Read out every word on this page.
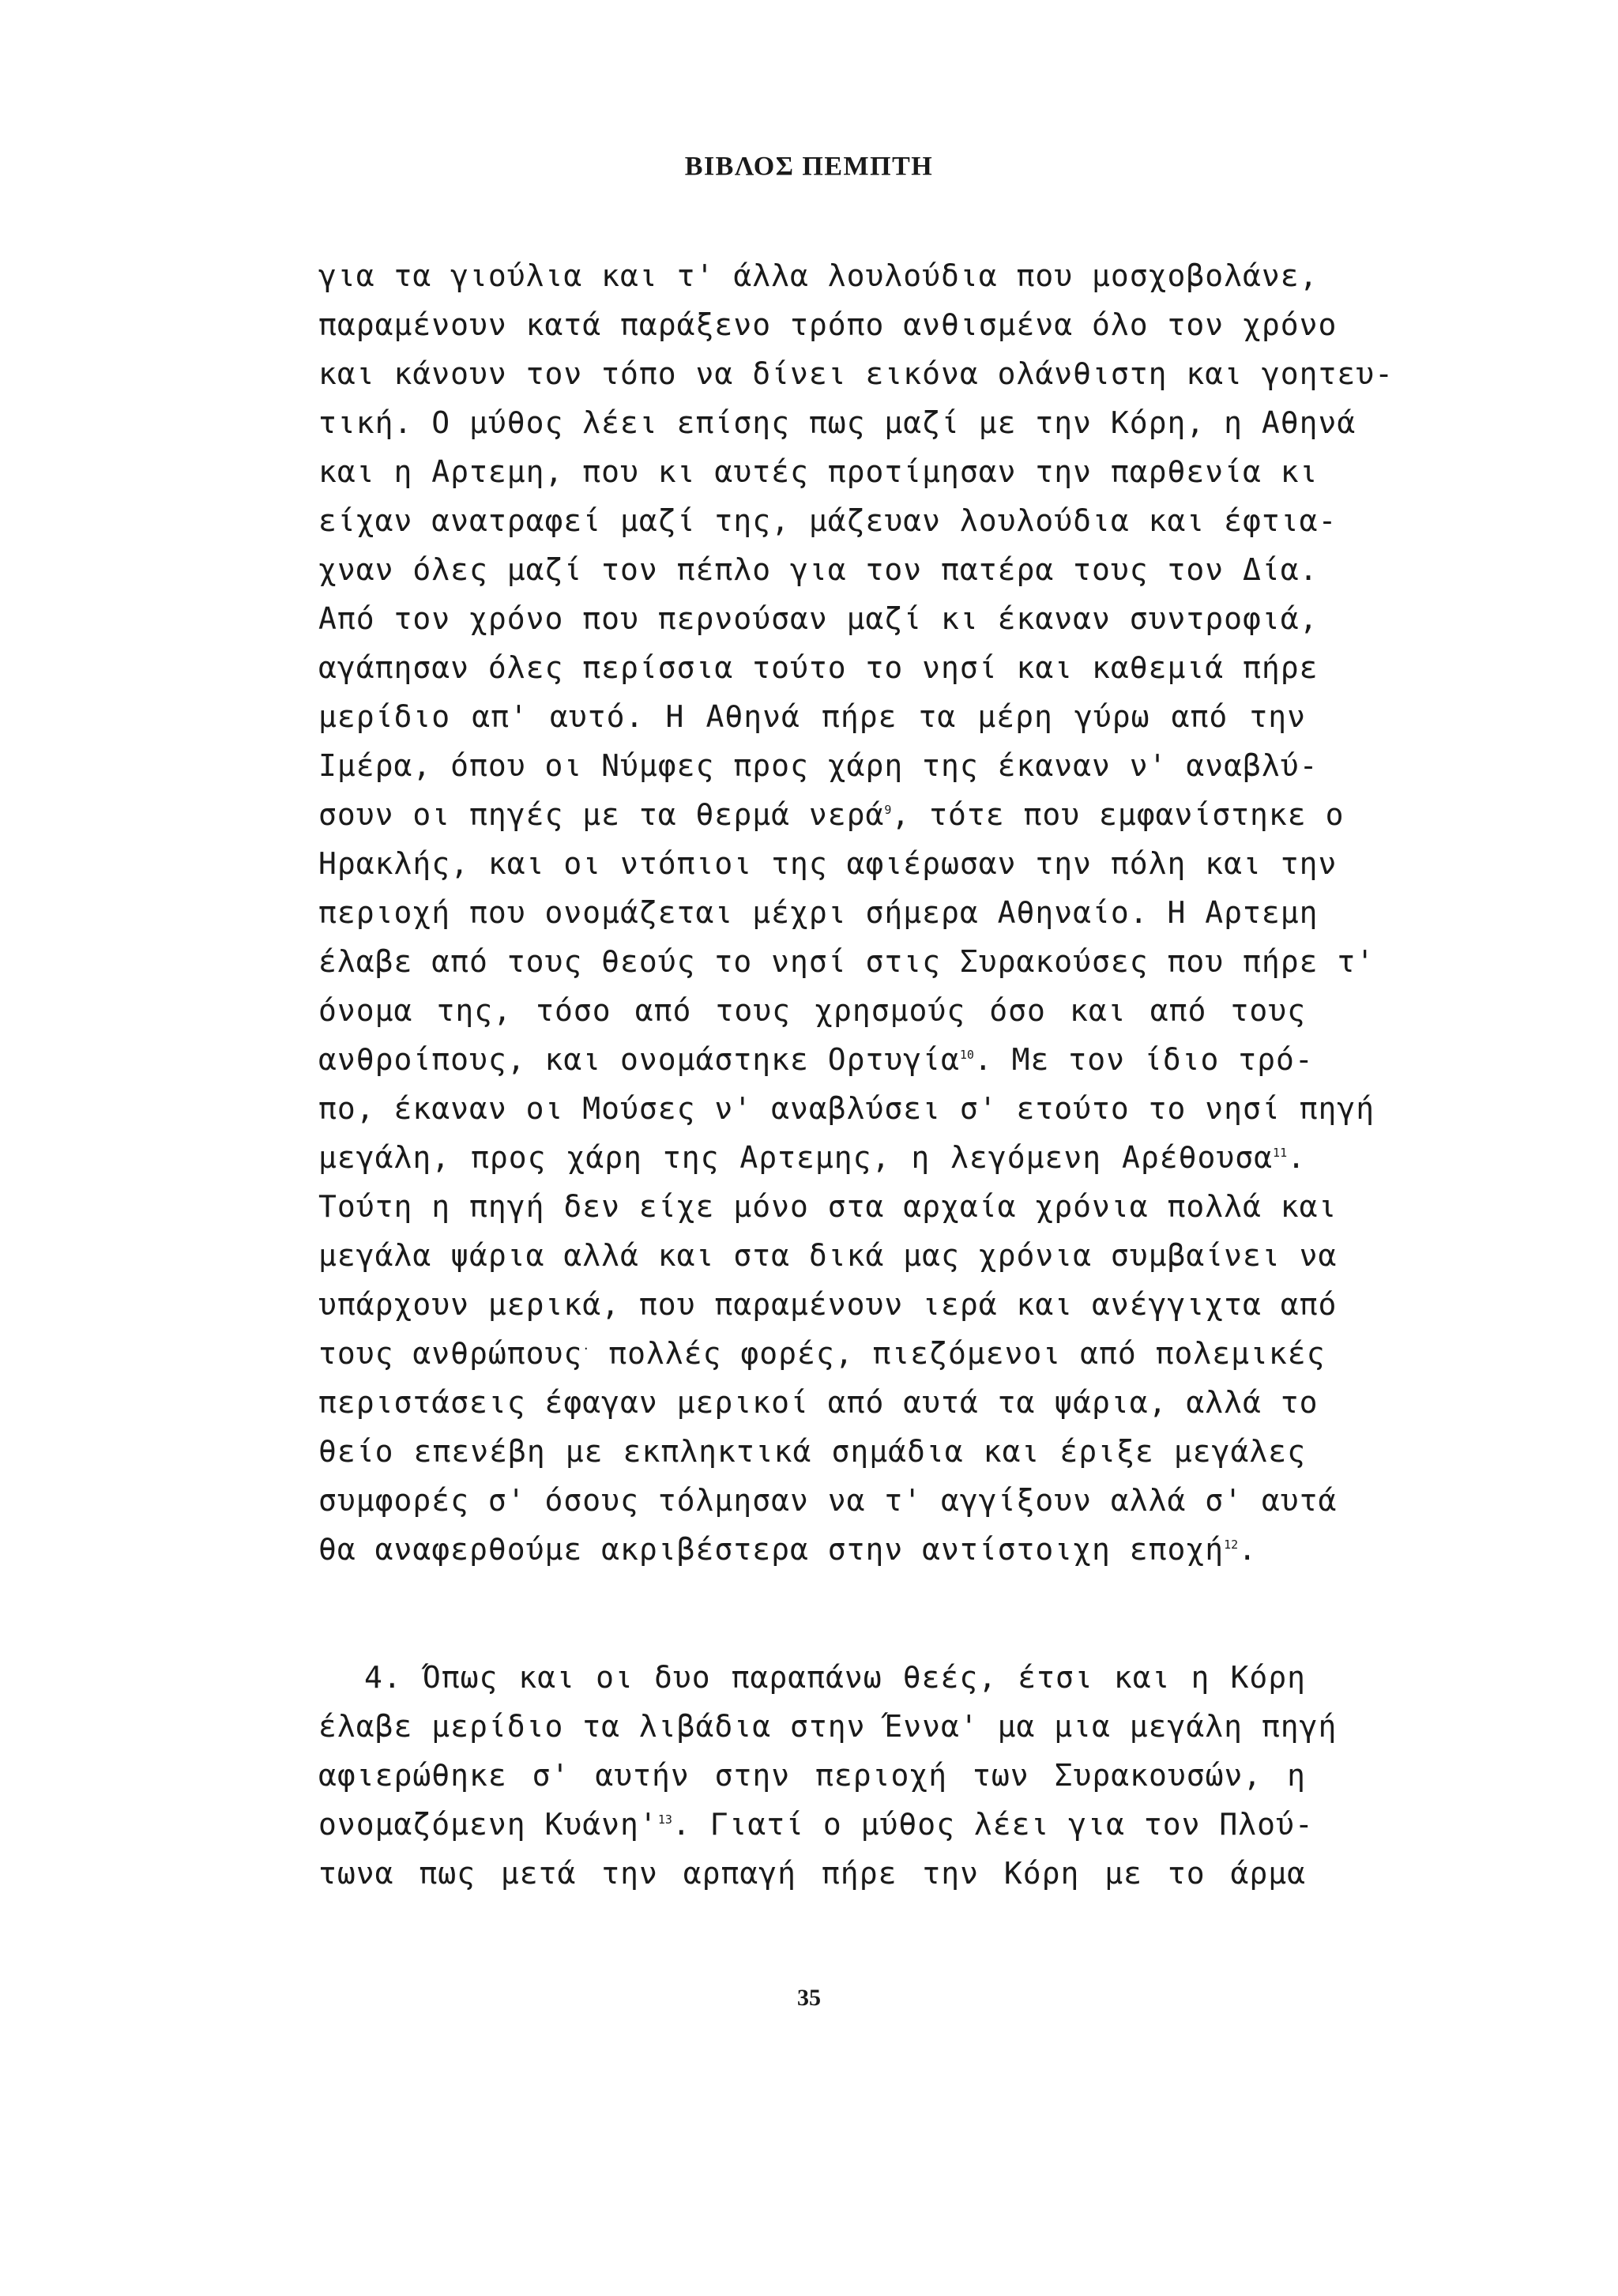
ΒΙΒΛΟΣ ΠΕΜΠΤΗ
για τα γιούλια και τ' άλλα λουλούδια που μοσχοβολάνε,
παραμένουν κατά παράξενο τρόπο ανθισμένα όλο τον χρόνο
και κάνουν τον τόπο να δίνει εικόνα ολάνθιστη και γοητευ-
τική. Ο μύθος λέει επίσης πως μαζί με την Κόρη, η Αθηνά
και η Αρτεμη, που κι αυτές προτίμησαν την παρθενία κι
είχαν ανατραφεί μαζί της, μάζευαν λουλούδια και έφτια-
χναν όλες μαζί τον πέπλο για τον πατέρα τους τον Δία.
Από τον χρόνο που περνούσαν μαζί κι έκαναν συντροφιά,
αγάπησαν όλες περίσσια τούτο το νησί και καθεμιά πήρε
μερίδιο απ' αυτό. Η Αθηνά πήρε τα μέρη γύρω από την
Ιμέρα, όπου οι Νύμφες προς χάρη της έκαναν ν' αναβλύ-
σουν οι πηγές με τα θερμά νερά$^9$, τότε που εμφανίστηκε ο
Ηρακλής, και οι ντόπιοι της αφιέρωσαν την πόλη και την
περιοχή που ονομάζεται μέχρι σήμερα Αθηναίο. Η Αρτεμη
έλαβε από τους θεούς το νησί στις Συρακούσες που πήρε τ'
όνομα της, τόσο από τους χρησμούς όσο και από τους
ανθροίπους, και ονομάστηκε Ορτυγία$^{10}$. Με τον ίδιο τρό-
πο, έκαναν οι Μούσες ν' αναβλύσει σ' ετούτο το νησί πηγή
μεγάλη, προς χάρη της Αρτεμης, η λεγόμενη Αρέθουσα$^{11}$.
Τούτη η πηγή δεν είχε μόνο στα αρχαία χρόνια πολλά και
μεγάλα ψάρια αλλά και στα δικά μας χρόνια συμβαίνει να
υπάρχουν μερικά, που παραμένουν ιερά και ανέγγιχτα από
τους ανθρώπους· πολλές φορές, πιεζόμενοι από πολεμικές
περιστάσεις έφαγαν μερικοί από αυτά τα ψάρια, αλλά το
θείο επενέβη με εκπληκτικά σημάδια και έριξε μεγάλες
συμφορές σ' όσους τόλμησαν να τ' αγγίξουν αλλά σ' αυτά
θα αναφερθούμε ακριβέστερα στην αντίστοιχη εποχή$^{12}$.
4. Όπως και οι δυο παραπάνω θεές, έτσι και η Κόρη
έλαβε μερίδιο τα λιβάδια στην Έννα' μα μια μεγάλη πηγή
αφιερώθηκε σ' αυτήν στην περιοχή των Συρακουσών, η
ονομαζόμενη Κυάνη'$^{13}$. Γιατί ο μύθος λέει για τον Πλού-
τωνα πως μετά την αρπαγή πήρε την Κόρη με το άρμα
35
